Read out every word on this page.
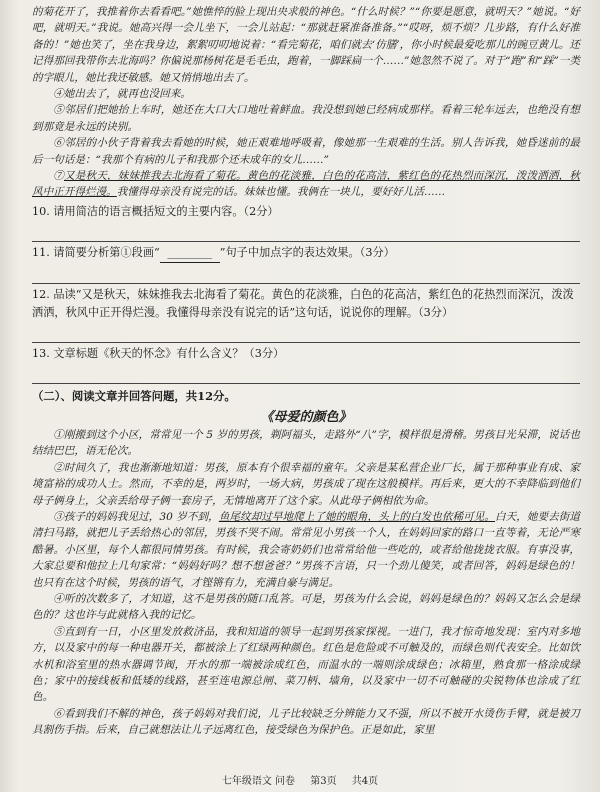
的菊花开了，我推着你去看看吧。”她憔悴的脸上现出央求般的神色。“什么时候？”“你要是愿意，就明天？”她说。“好吧，就明天。”我说。她高兴得一会儿坐下，一会儿站起：“那就赶紧准备准备。”“哎呀，烦不烦？几步路，有什么好准备的！”她也笑了，坐在我身边，絮絮叨叨地说着：“看完菊花，咱们就去‘仿膳’，你小时候最爱吃那儿的豌豆黄儿。还记得那回我带你去北海吗？你偏说那杨树花是毛毛虫，跑着，一脚踩扁一个……”她忽然不说了。对于“跑”和“踩”一类的字眼儿，她比我还敏感。她又悄悄地出去了。

④她出去了，就再也没回来。

⑤邻居们把她抬上车时，她还在大口大口地吐着鲜血。我没想到她已经病成那样。看着三轮车远去，也绝没有想到那竟是永远的诀别。

⑥邻居的小伙子背着我去看她的时候，她正艰难地呼吸着，像她那一生艰难的生活。别人告诉我，她昏迷前的最后一句话是：“我那个有病的儿子和我那个还未成年的女儿……”

⑦又是秋天，妹妹推我去北海看了菊花。黄色的花淡雅，白色的花高洁，紫红色的花热烈而深沉，泼泼洒洒，秋风中正开得烂漫。我懂得母亲没有说完的话。妹妹也懂。我俩在一块儿，要好好儿活……

10. 请用简洁的语言概括短文的主要内容。（2分）

11. 请简要分析第①段画“ ________ ”句子中加点字的表达效果。（3分）

12. 品读“又是秋天，妹妹推我去北海看了菊花。黄色的花淡雅，白色的花高洁，紫红色的花热烈而深沉，泼泼洒洒，秋风中正开得烂漫。我懂得母亲没有说完的话”这句话，说说你的理解。（3分）

13. 文章标题《秋天的怀念》有什么含义？（3分）

（二）、阅读文章并回答问题，共12分。

《母爱的颜色》

①刚搬到这个小区，常常见一个 5 岁的男孩，剃阿福头，走路外“八”字，模样很是滑稽。男孩目光呆滞，说话也结结巴巴，语无伦次。

②时间久了，我也渐渐地知道：男孩，原本有个很幸福的童年。父亲是某私营企业厂长，属于那种事业有成、家境富裕的成功人士。然而，不幸的是，两岁时，一场大病，男孩成了现在这般模样。再后来，更大的不幸降临到他们母子俩身上，父亲丢给母子俩一套房子，无情地离开了这个家。从此母子俩相依为命。

③孩子的妈妈我见过，30 岁不到，鱼尾纹却过早地爬上了她的眼角，头上的白发也依稀可见。白天，她要去街道清扫马路，就把儿子丢给热心的邻居，男孩不哭不闹。常常见小男孩一个人，在妈妈回家的路口一直等着，无论严寒酷暑。小区里，每个人都很同情男孩。有时候，我会寄奶奶们也常常给他一些吃的，或者给他拢拢衣服。有事没事，大家总要和他拉上几句家常：“妈妈好吗？想不想爸爸？”男孩不言语，只一个劲儿傻笑，或者回答，妈妈是绿色的！也只有在这个时候，男孩的语气，才铿锵有力，充满自豪与满足。

④听的次数多了，才知道，这不是男孩的随口乱答。可是，男孩为什么会说，妈妈是绿色的？妈妈又怎么会是绿色的？这也许与此就格入我的记忆。

⑤直到有一日，小区里发放救济品，我和知道的领导一起到男孩家探视。一进门，我才惊奇地发现：室内对多地方，以及家中的每一种电器开关，都被涂上了红绿两种颜色。红色是危险或不可触及的，而绿色则代表安全。比如饮水机和浴室里的热水器调节阀，开水的那一端被涂成红色，而温水的一端则涂成绿色；冰箱里，熟食那一格涂成绿色；家中的接线板和低矮的线路，甚至连电源总闸、菜刀柄、墙角，以及家中一切不可触碰的尖锐物体也涂成了红色。

⑥看到我们不解的神色，孩子妈妈对我们说，儿子比较缺乏分辨能力又不强，所以不被开水烫伤手臂，就是被刀具割伤手指。后来，自己就想法让儿子远离红色，接受绿色为保护色。正是如此，家里

七年级语文 问卷 第3页 共4页
